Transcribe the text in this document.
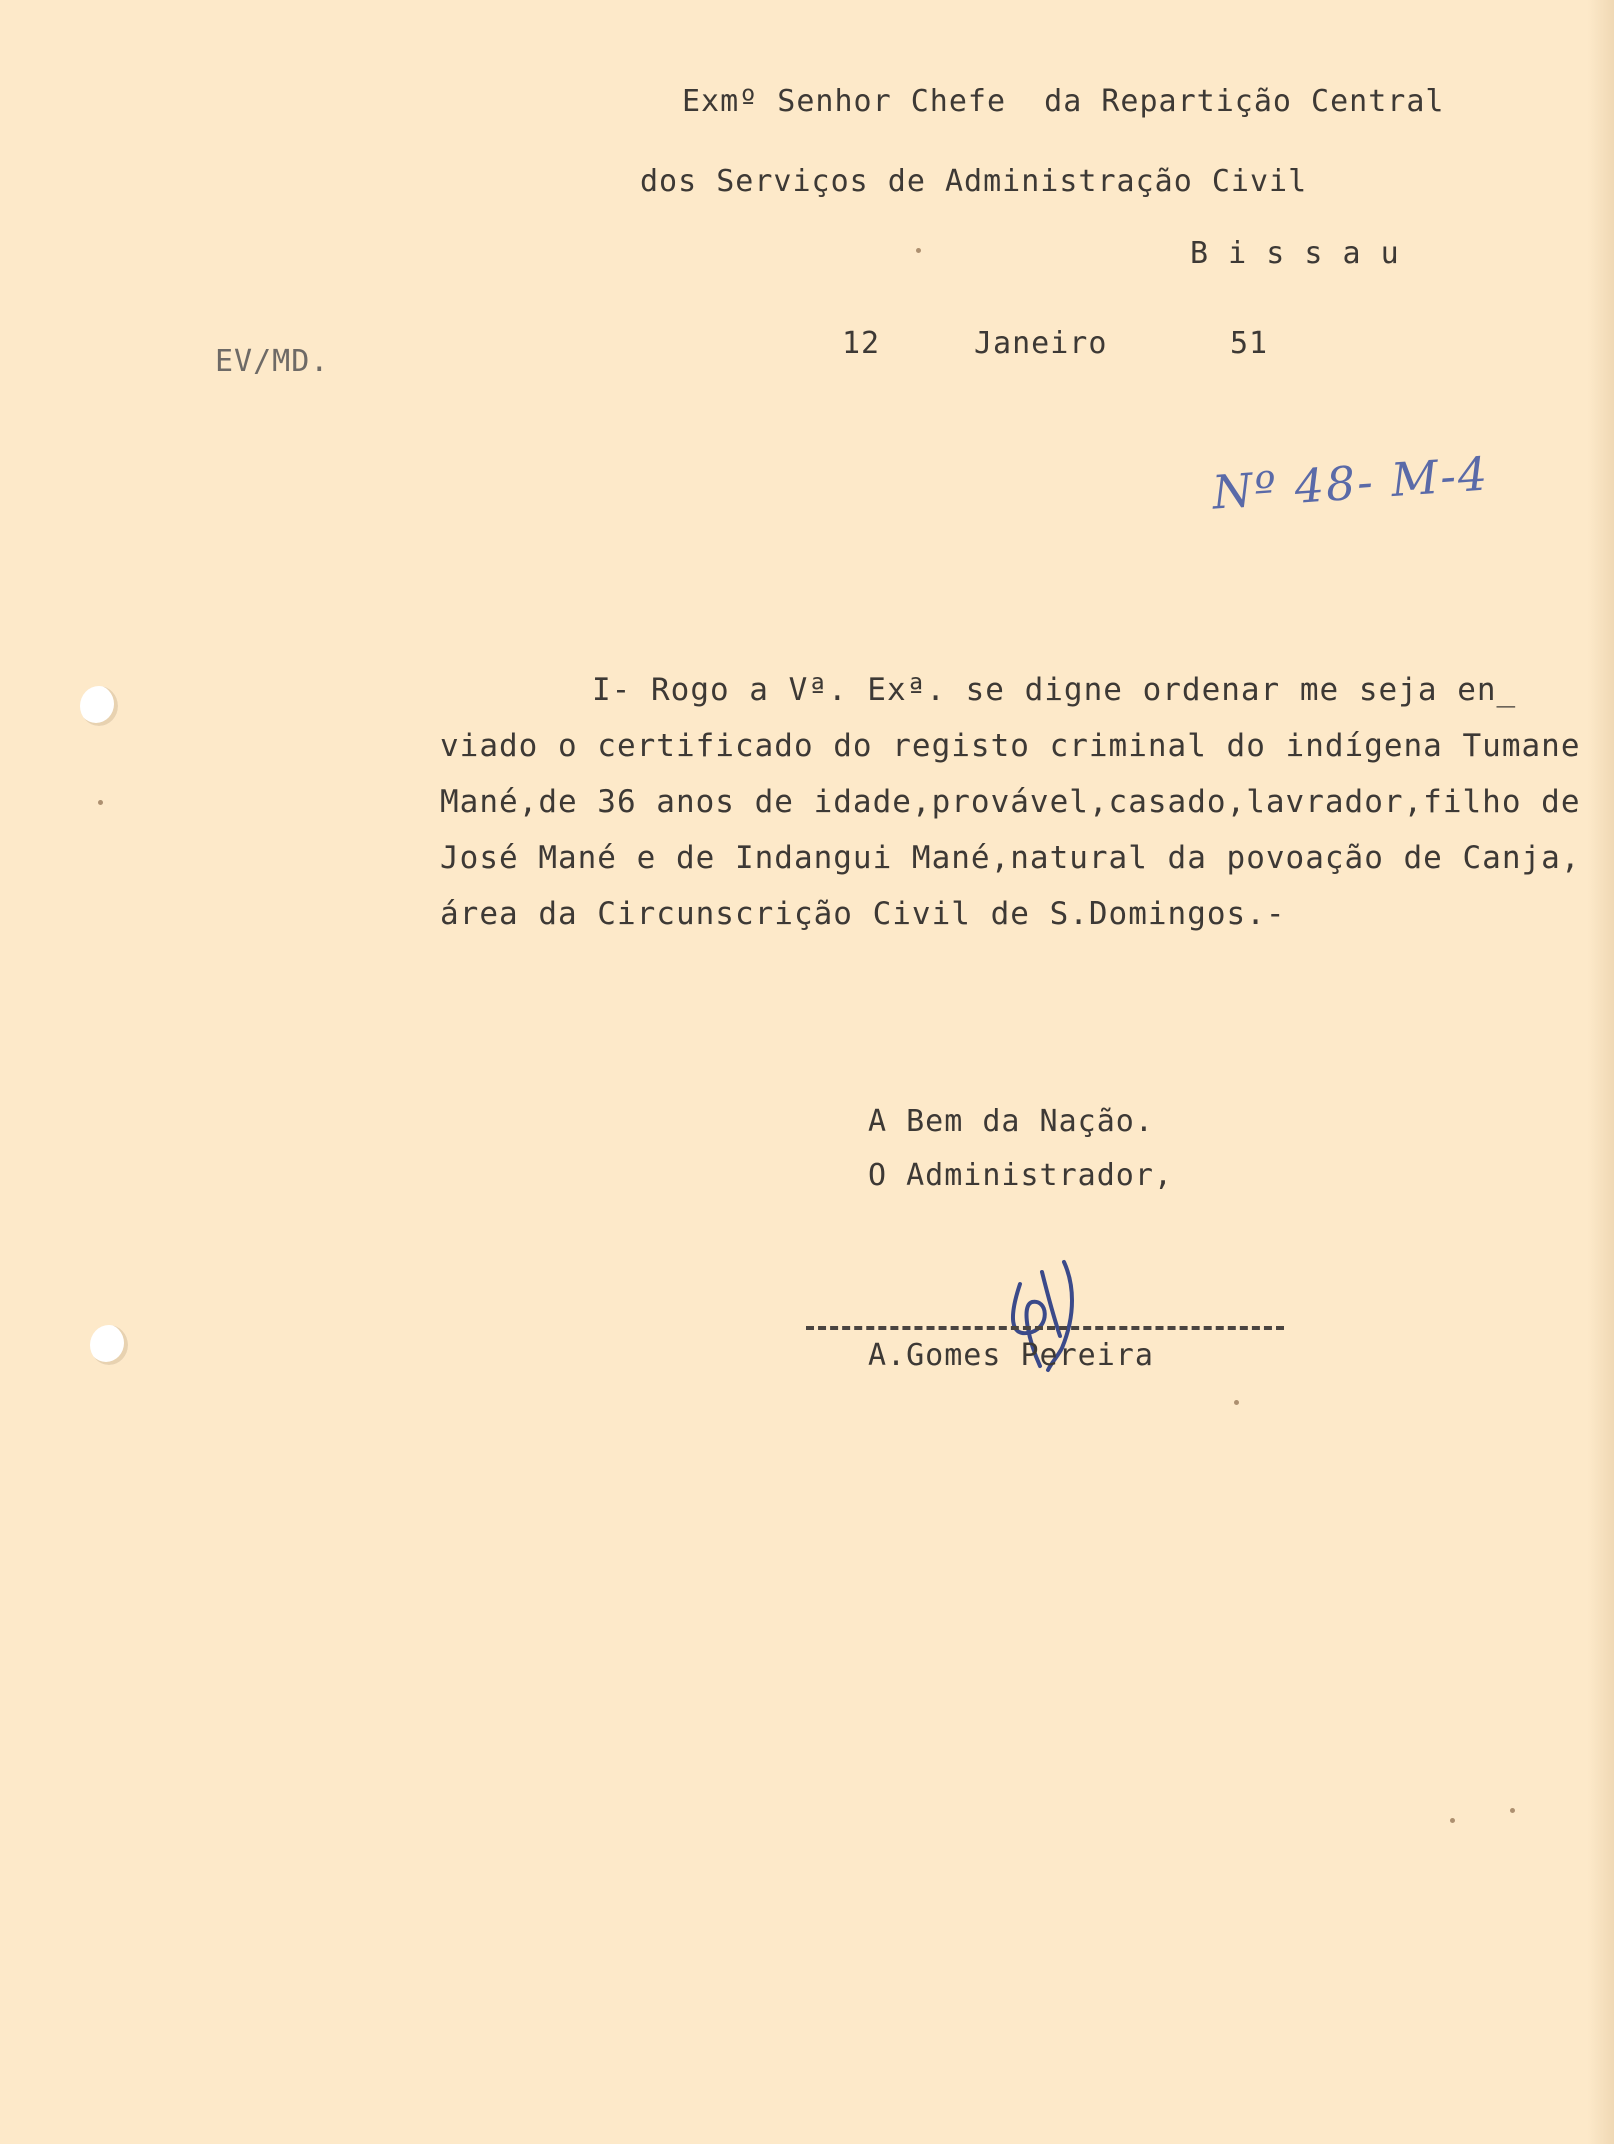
Exmº Senhor Chefe  da Repartição Central
dos Serviços de Administração Civil
B i s s a u
EV/MD.
12	Janeiro	51
Nº 48- M-4
I- Rogo a Vª. Exª. se digne ordenar me seja en_
viado o certificado do registo criminal do indígena Tumane
Mané,de 36 anos de idade,provável,casado,lavrador,filho de
José Mané e de Indangui Mané,natural da povoação de Canja,
área da Circunscrição Civil de S.Domingos.-
A Bem da Nação.
O Administrador,
A.Gomes Pereira
